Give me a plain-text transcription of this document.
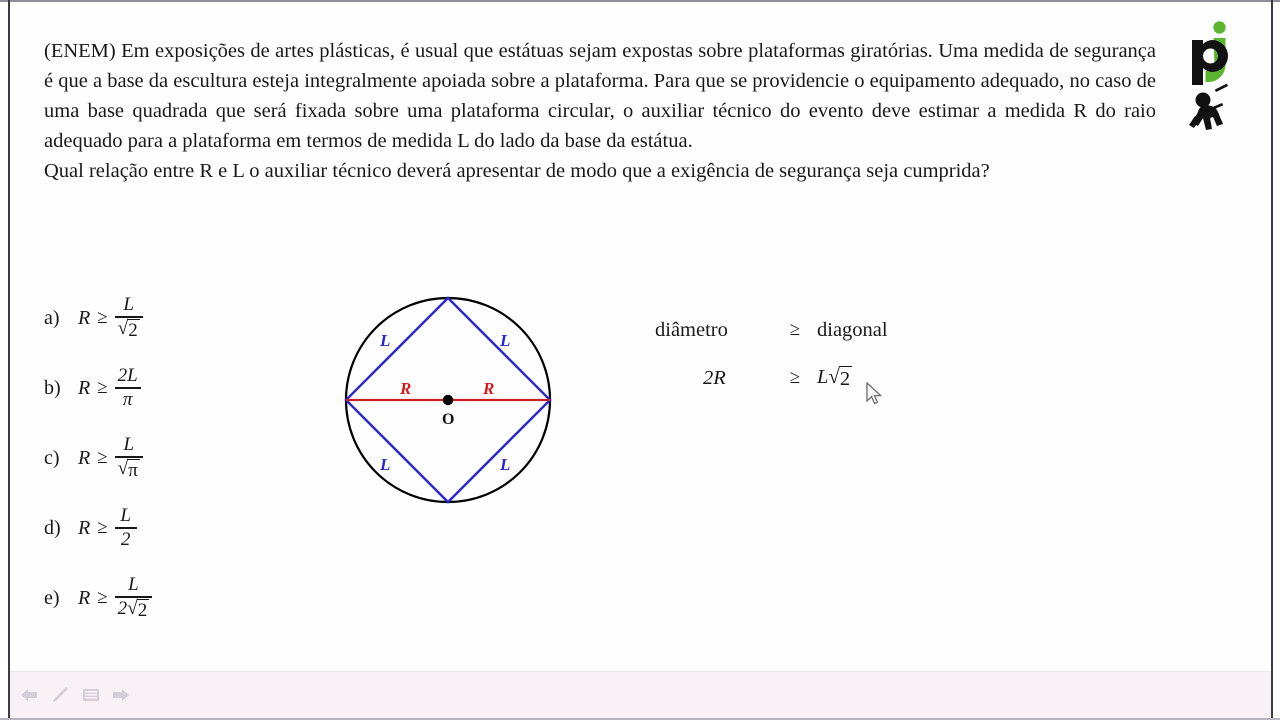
(ENEM) Em exposições de artes plásticas, é usual que estátuas sejam expostas sobre plataformas giratórias. Uma medida de segurança é que a base da escultura esteja integralmente apoiada sobre a plataforma. Para que se providencie o equipamento adequado, no caso de uma base quadrada que será fixada sobre uma plataforma circular, o auxiliar técnico do evento deve estimar a medida R do raio adequado para a plataforma em termos de medida L do lado da base da estátua.

Qual relação entre R e L o auxiliar técnico deverá apresentar de modo que a exigência de segurança seja cumprida?

a) $R \ge \frac{L}{√ 2}$
b) $R \ge \frac{2L}{\pi}$
c) $R \ge \frac{L}{√ \pi}$
d) $R \ge \frac{L}{2}$
e) $R \ge \frac{L}{2 √ 2}$
L	L
L	L
R	R
O
diâmetro	≥ diagonal
2R	≥ L √ 2
